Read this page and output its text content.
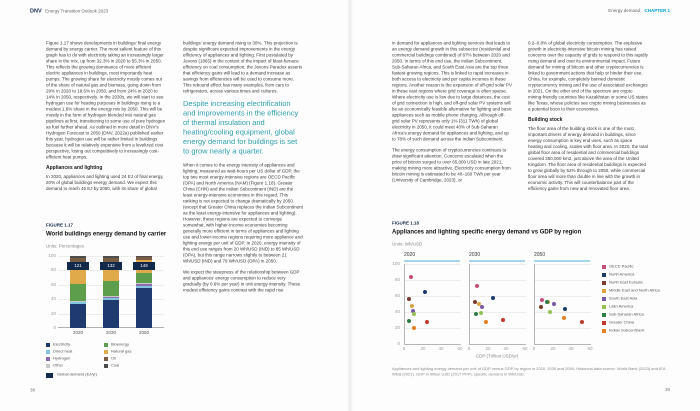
DNV Energy Transition Outlook 2023	Energy demand CHAPTER 1

Figure 1.17 shows developments in buildings' final energy demand by energy carrier. The most salient feature of this graph has to do with electricity taking an increasingly larger share in the mix, up from 32.3% in 2020 to 55.3% in 2050. This reflects the growing dominance of more efficient electric appliances in buildings, most importantly heat pumps. The growing share for electricity mostly comes out of the share of natural gas and biomass, going down from 29% in 2020 to 18.5% in 2050, and from 24% in 2020 to 14% in 2050, respectively. In the 2030s, we will start to see hydrogen use for heating purposes in buildings rising to a modest 1.6% share in the energy mix by 2050. This will be mostly in the form of hydrogen blended into natural gas pipelines at first, transitioning to some use of pure hydrogen as fuel further ahead. As outlined in more detail in DNV's Hydrogen Forecast to 2050 (DNV, 2022a) published earlier this year, hydrogen use will be rather limited in buildings because it will be relatively expensive from a levelized cost perspective, losing out competitively to increasingly cost-efficient heat pumps.

Appliances and lighting

In 2020, appliances and lighting used 24 EJ of final energy, 20% of global buildings energy demand. We expect this demand to reach 45 EJ by 2050, with its share of global

buildings' energy demand rising to 30%. This projection is despite significant expected improvements in the energy efficiency of appliances and lighting. First postulated by Jevons (1865) in the context of the impact of blast-furnace efficiency on coal consumption, the Jevons Paradox asserts that efficiency gains will lead to a demand increase as savings from efficiencies will be used to consume more. This rebound effect has many examples, from cars to refrigerators, across various times and cultures.

Despite increasing electrification and improvements in the efficiency of thermal insulation and heating/cooling equipment, global energy demand for buildings is set to grow nearly a quarter.

When it comes to the energy intensity of appliances and lighting, measured as watt-hours per US dollar of GDP, the top two most energy-intensive regions are OECD Pacific (OPA) and North America (NAM) (Figure 1.18). Greater China (CHN) and the Indian Subcontinent (IND) are the least energy-intensive economies in this regard. This ranking is not expected to change dramatically by 2050 (except that Greater China replaces the Indian Subcontinent as the least energy-intensive for appliances and lighting). However, these regions are expected to converge somewhat, with higher-income economies becoming generally more efficient in terms of appliances and lighting use and lower-income regions requiring more appliance and lighting energy per unit of GDP. In 2020, energy intensity of this end use ranges from 20 Wh/USD (IND) to 85 Wh/USD (OPA), but this range narrows slightly to between 21 Wh/USD (IND) and 79 Wh/USD (OPA) in 2050.

We expect the steepness of the relationship between GDP and appliances' energy consumption to reduce very gradually (by 0.6% per year) in unit energy intensity. These modest efficiency gains contrast with the rapid rise

FIGURE 1.17
World buildings energy demand by carrier
Units: Percentages
0
20
40
60
80
100
121	132	149
2020	2030	2050
Electricity
Direct heat
Hydrogen
Other
Bioenergy
Natural gas
Oil
Coal
Global demand (EJ/yr)
38

in demand for appliances and lighting services that leads to an energy demand growth in this subsector (residential and commercial buildings combined) of 87% between 2020 and 2050. In terms of this end use, the Indian Subcontinent, Sub-Saharan Africa, and South East Asia are the top three fastest-growing regions. This is linked to rapid increases in both access to electricity and per capita incomes in these regions. Another reason is the expansion of off-grid solar PV in these vast regions where grid coverage is often sparse. Where electricity use is low due to large distances, the cost of grid connection is high, and off-grid solar PV systems will be an economically feasible alternative for lighting and basic appliances such as mobile phone charging. Although off-grid solar PV represents only 1% (311 TWh) of global electricity in 2050, it could meet 40% of Sub-Saharan Africa's energy demand for appliances and lighting, and up to 78% of such demand across the Indian Subcontinent.

The energy consumption of cryptocurrencies continues to draw significant attention. Concerns escalated when the price of bitcoin surged to over 65,000 USD in late 2021, making mining more attractive. Electricity consumption from bitcoin mining is estimated to be 40–160 TWh per year (University of Cambridge, 2023), or

0.2–0.8% of global electricity consumption. The explosive growth in electricity-intensive bitcoin mining has raised concerns over the capacity of grids to respond to this rapidly rising demand and over its environmental impact. Future demand for mining of bitcoin and other cryptocurrencies is linked to government actions that help or hinder their use. China, for example, completely banned domestic cryptocurrency mining and the use of associated exchanges in 2021. On the other end of the spectrum are crypto mining-friendly countries like Kazakhstan or some US states like Texas, whose policies see crypto mining businesses as a potential boon to their economies.

Building stock

The floor area of the building stock is one of the most important drivers of energy demand in buildings, since energy consumption in key end uses, such as space heating and cooling, scales with floor area. In 2020, the total global floor area of residential and commercial buildings covered 250,000 km2, just above the area of the United Kingdom. The floor area of residential buildings is expected to grow globally by 52% through to 2050, while commercial floor area will more than double in line with the growth in economic activity. This will counterbalance part of the efficiency gains from new and renovated floor area.

FIGURE 1.18
Appliances and lighting specific energy demand vs GDP by region
Units: Wh/USD
0
20
40
60
80
100
2020
0	20	40	60
2030
0	20	40	60
2050
0	20	40	60
GDP (Trillion USD/yr)
OECD Pacific
North America
North East Eurasia
Middle East and North Africa
South East Asia
Latin America
Sub-Saharan Africa
Greater China
Indian Subcontinent
Appliances and lighting energy demand per unit of GDP versus GDP by region in 2020, 2030 and 2050. Historical data source: World Bank (2023) and IEA WEB (2021). GDP in trillion USD (2017 PPP); specific demand in Wh/USD.
39
